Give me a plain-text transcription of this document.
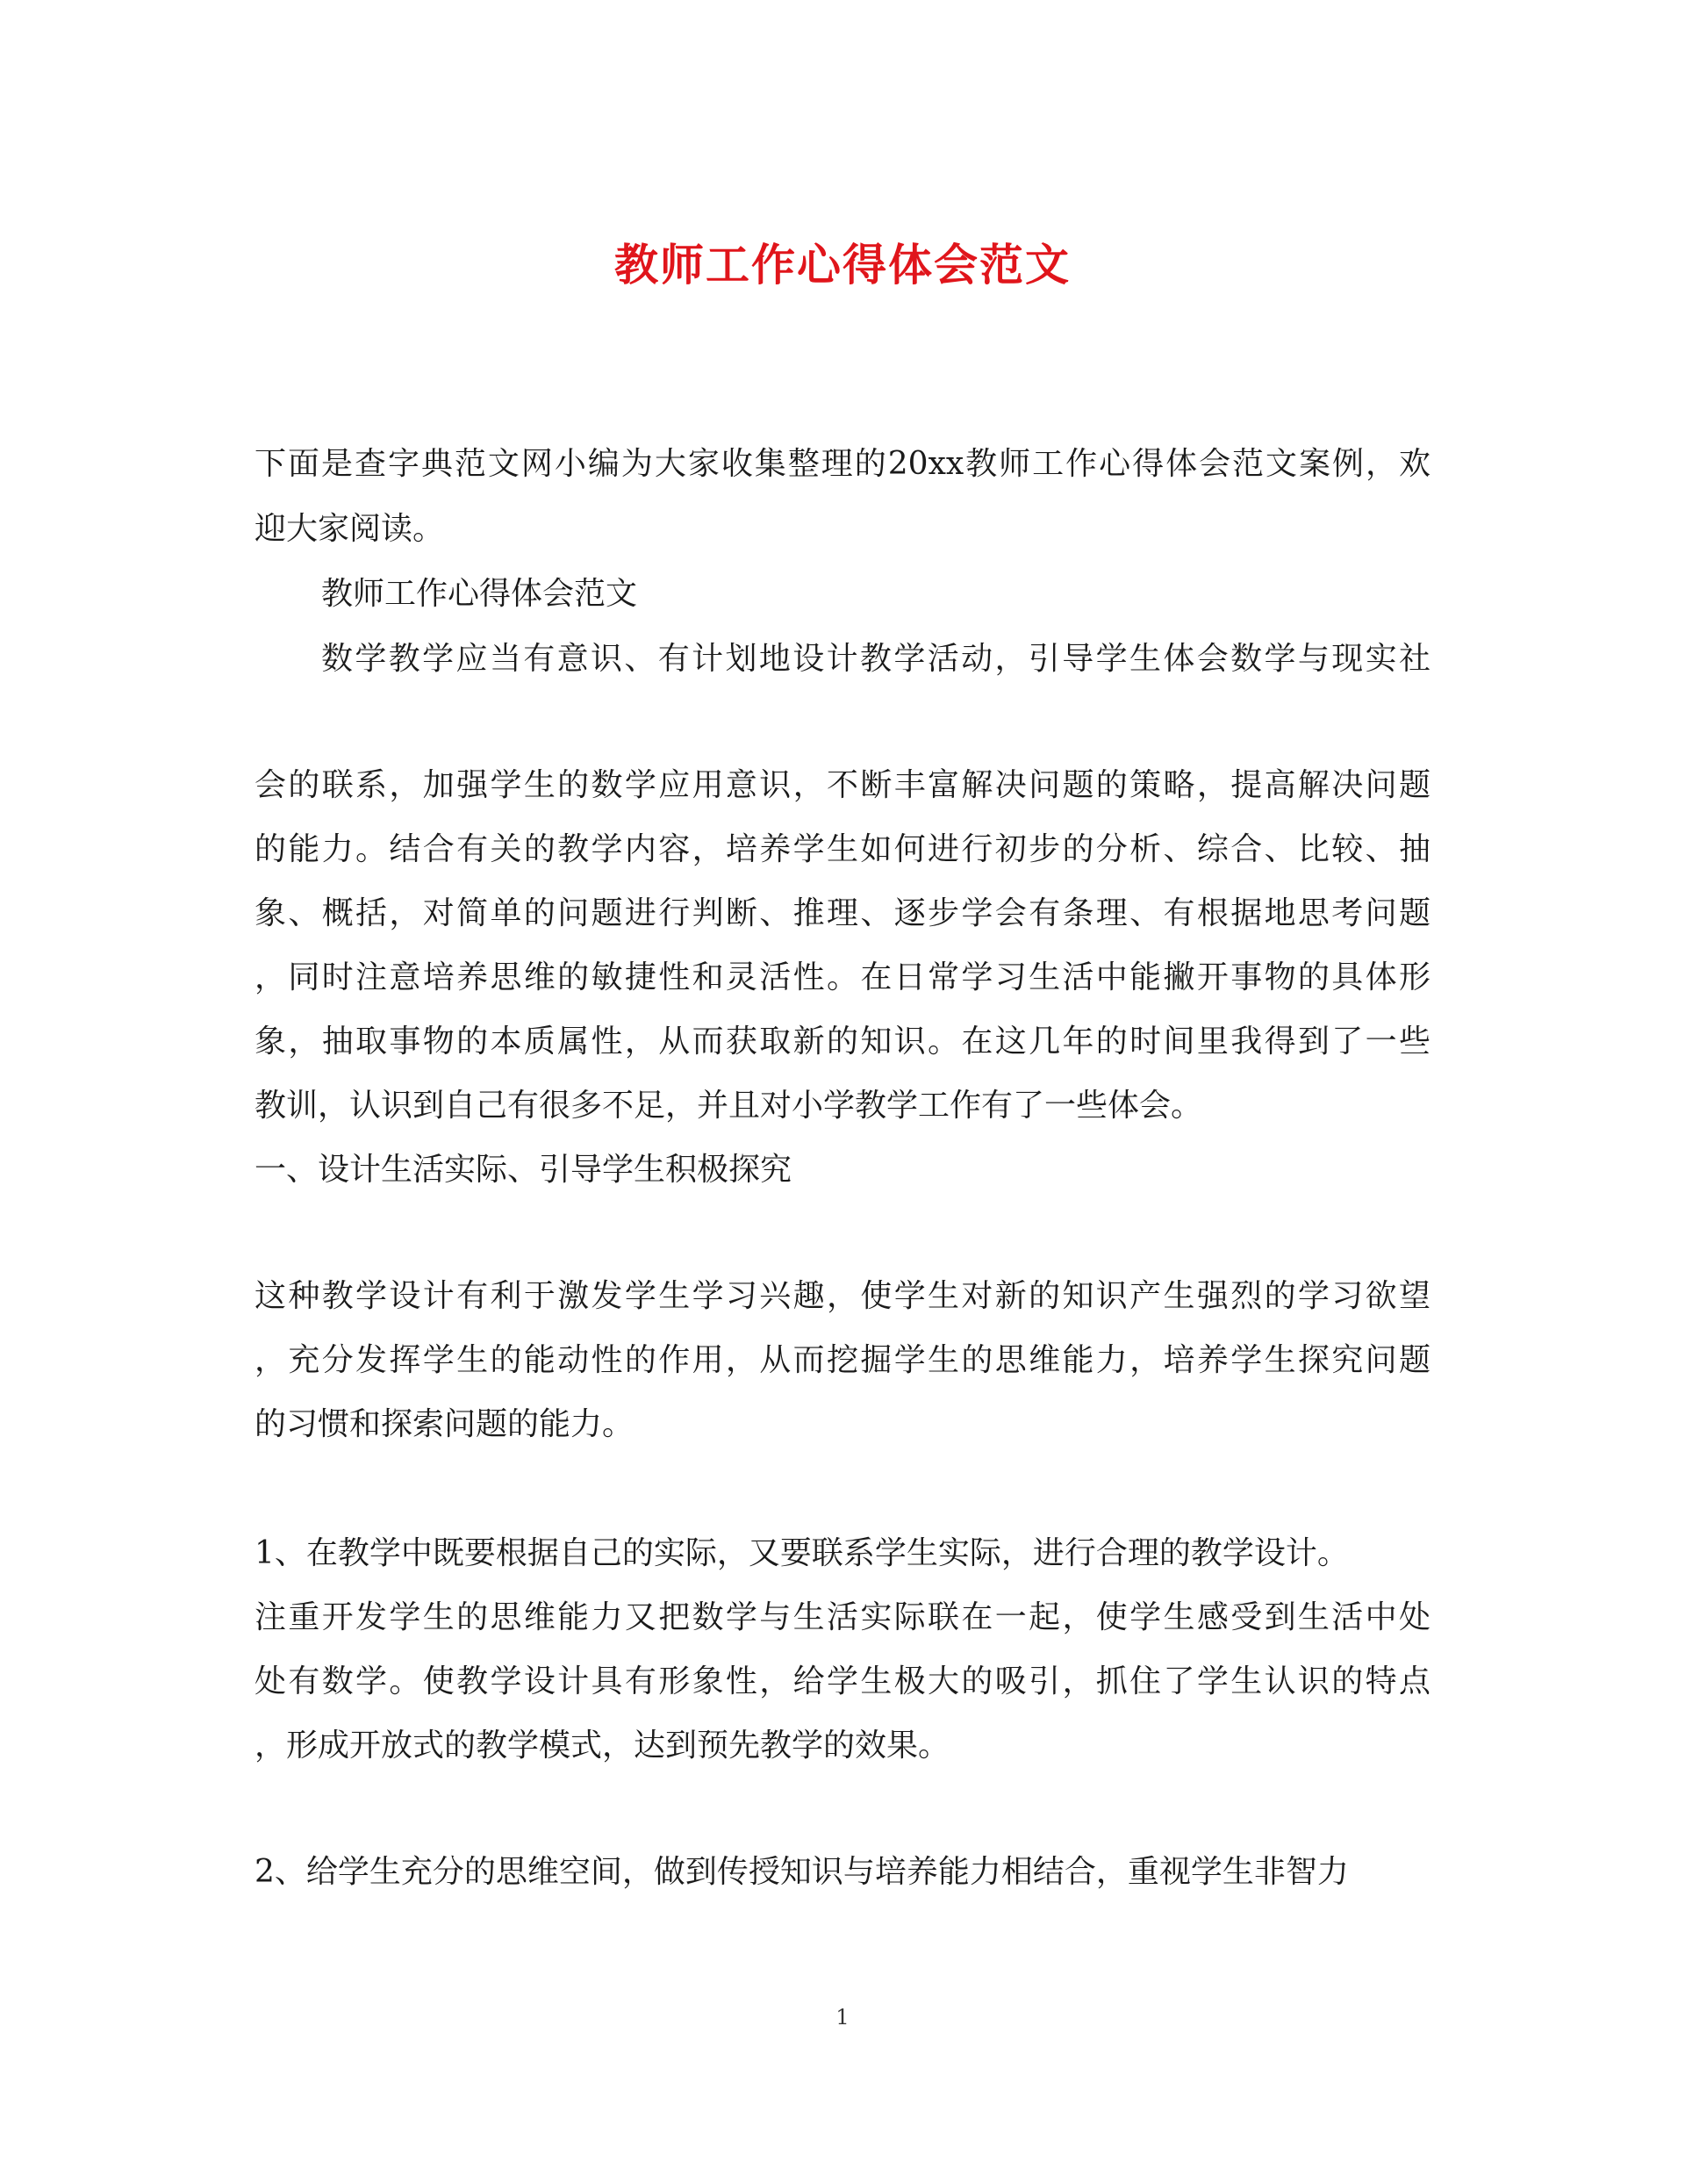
教师工作心得体会范文
下面是查字典范文网小编为大家收集整理的20xx教师工作心得体会范文案例，欢
迎大家阅读。
教师工作心得体会范文
数学教学应当有意识、有计划地设计教学活动，引导学生体会数学与现实社
会的联系，加强学生的数学应用意识，不断丰富解决问题的策略，提高解决问题
的能力。结合有关的教学内容，培养学生如何进行初步的分析、综合、比较、抽
象、概括，对简单的问题进行判断、推理、逐步学会有条理、有根据地思考问题
，同时注意培养思维的敏捷性和灵活性。在日常学习生活中能撇开事物的具体形
象，抽取事物的本质属性，从而获取新的知识。在这几年的时间里我得到了一些
教训，认识到自己有很多不足，并且对小学教学工作有了一些体会。
一、设计生活实际、引导学生积极探究
这种教学设计有利于激发学生学习兴趣，使学生对新的知识产生强烈的学习欲望
，充分发挥学生的能动性的作用，从而挖掘学生的思维能力，培养学生探究问题
的习惯和探索问题的能力。
1、在教学中既要根据自己的实际，又要联系学生实际，进行合理的教学设计。
注重开发学生的思维能力又把数学与生活实际联在一起，使学生感受到生活中处
处有数学。使教学设计具有形象性，给学生极大的吸引，抓住了学生认识的特点
，形成开放式的教学模式，达到预先教学的效果。
2、给学生充分的思维空间，做到传授知识与培养能力相结合，重视学生非智力
1
